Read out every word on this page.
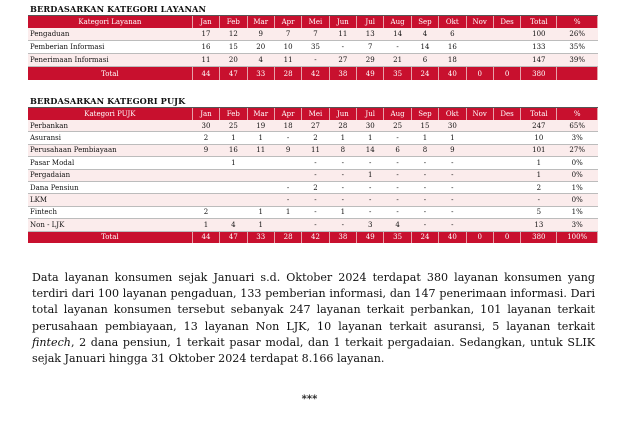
BERDASARKAN KATEGORI LAYANAN
Kategori Layanan	Jan	Feb	Mar	Apr	Mei	Jun	Jul	Aug	Sep	Okt	Nov	Des	Total	%
Pengaduan	17	12	9	7	7	11	13	14	4	6			100	26%
Pemberian Informasi	16	15	20	10	35	-	7	-	14	16			133	35%
Penerimaan Informasi	11	20	4	11	-	27	29	21	6	18			147	39%
Total	44	47	33	28	42	38	49	35	24	40	0	0	380	
BERDASARKAN KATEGORI PUJK
Kategori PUJK	Jan	Feb	Mar	Apr	Mei	Jun	Jul	Aug	Sep	Okt	Nov	Des	Total	%
Perbankan	30	25	19	18	27	28	30	25	15	30			247	65%
Asuransi	2	1	1	-	2	1	1	-	1	1			10	3%
Perusahaan Pembiayaan	9	16	11	9	11	8	14	6	8	9			101	27%
Pasar Modal		1			-	-	-	-	-	-			1	0%
Pergadaian					-	-	1	-	-	-			1	0%
Dana Pensiun				-	2	-	-	-	-	-			2	1%
LKM				-	-	-	-	-	-	-			-	0%
Fintech	2		1	1	-	1	-	-	-	-			5	1%
Non - LJK	1	4	1		-	-	3	4	-	-			13	3%
Total	44	47	33	28	42	38	49	35	24	40	0	0	380	100%

Data layanan konsumen sejak Januari s.d. Oktober 2024 terdapat 380 layanan konsumen yang terdiri dari 100 layanan pengaduan, 133 pemberian informasi, dan 147 penerimaan informasi. Dari total layanan konsumen tersebut sebanyak 247 layanan terkait perbankan, 101 layanan terkait perusahaan pembiayaan, 13 layanan Non LJK, 10 layanan terkait asuransi, 5 layanan terkait fintech, 2 dana pensiun, 1 terkait pasar modal, dan 1 terkait pergadaian. Sedangkan, untuk SLIK sejak Januari hingga 31 Oktober 2024 terdapat 8.166 layanan.

***
